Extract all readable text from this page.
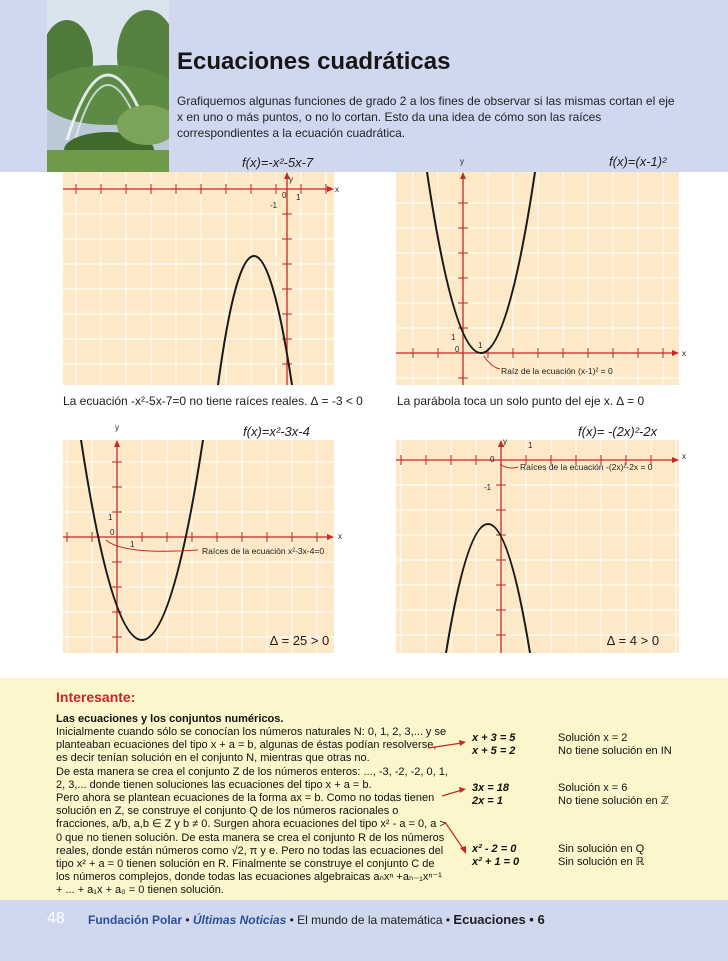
Ecuaciones cuadráticas
Grafiquemos algunas funciones de grado 2 a los fines de observar si las mismas cortan el eje x en uno o más puntos, o no lo cortan. Esto da una idea de cómo son las raíces correspondientes a la ecuación cuadrática.
f(x)=-x²-5x-7
y
x
0 1
-1
La ecuación -x²-5x-7=0 no tiene raíces reales. ∆ = -3 < 0
f(x)=(x-1)²
y
x
1
0 1
Raíz de la ecuación (x-1)² = 0
La parábola toca un solo punto del eje x. ∆ = 0
f(x)=x²-3x-4
y
x
1
0
1
Raíces de la ecuación x²-3x-4=0
∆ = 25 > 0
f(x)= -(2x)²-2x
y
x
1
0
-1
Raíces de la ecuación -(2x)²-2x = 0
∆ = 4 > 0
Interesante:
Las ecuaciones y los conjuntos numéricos.
Inicialmente cuando sólo se conocían los números naturales N: 0, 1, 2, 3,... y se planteaban ecuaciones del tipo x + a = b, algunas de éstas podían resolverse, es decir tenían solución en el conjunto N, mientras que otras no.
De esta manera se crea el conjunto Z de los números enteros: ..., -3, -2, -2, 0, 1, 2, 3,... donde tienen soluciones las ecuaciones del tipo x + a = b.
Pero ahora se plantean ecuaciones de la forma ax = b. Como no todas tienen solución en Z, se construye el conjunto Q de los números racionales o fracciones, a/b, a,b ∈ Z y b ≠ 0. Surgen ahora ecuaciones del tipo x² - a = 0, a > 0 que no tienen solución. De esta manera se crea el conjunto R de los números reales, donde están números como √2, π y e. Pero no todas las ecuaciones del tipo x² + a = 0 tienen solución en R. Finalmente se construye el conjunto C de los números complejos, donde todas las ecuaciones algebraicas aₙxⁿ +aₙ₋₁xⁿ⁻¹ + ... + a₁x + a₀ = 0 tienen solución.
x + 3 = 5
x + 5 = 2
Solución x = 2
No tiene solución en IN
3x = 18
2x = 1
Solución x = 6
No tiene solución en ℤ
x² - 2 = 0
x² + 1 = 0
Sin solución en Q
Sin solución en ℝ
48 Fundación Polar • Últimas Noticias • El mundo de la matemática • Ecuaciones • 6
